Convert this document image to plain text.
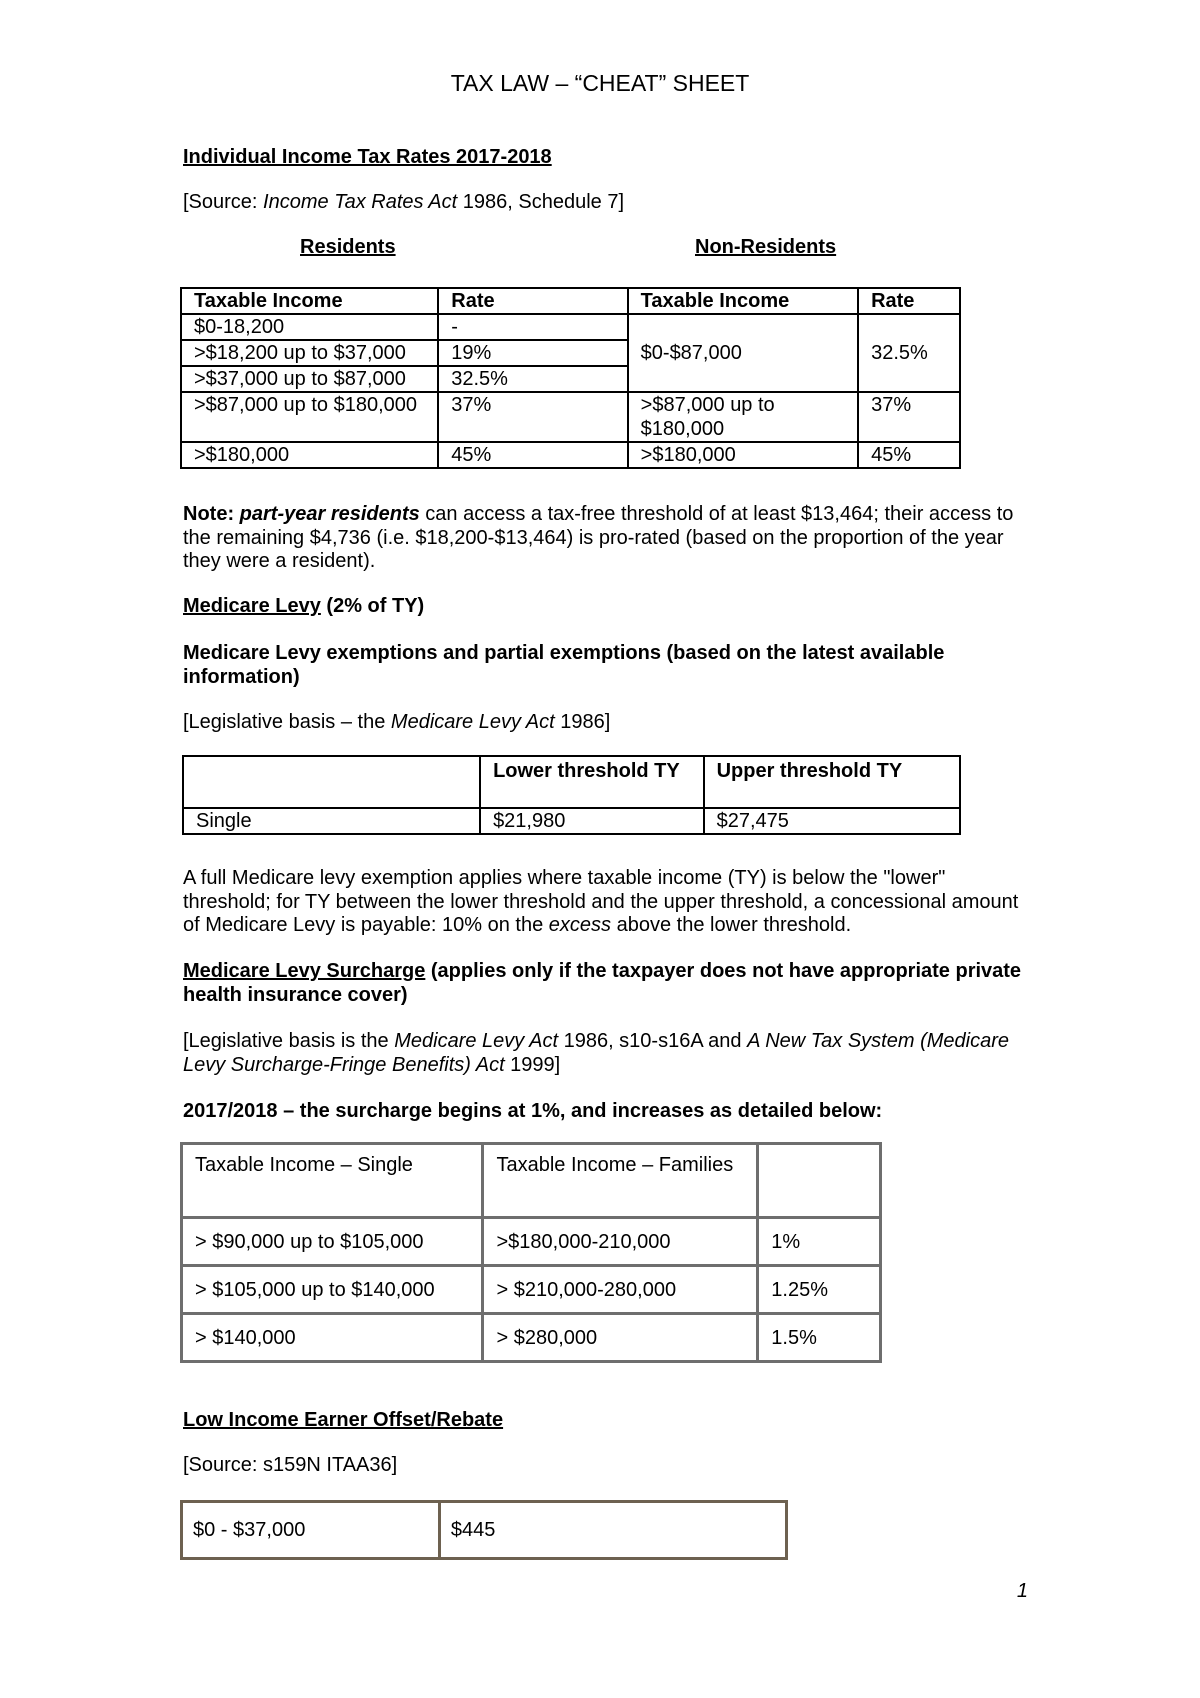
TAX LAW – “CHEAT” SHEET
Individual Income Tax Rates 2017-2018
[Source: Income Tax Rates Act 1986, Schedule 7]
Residents	Non-Residents
Taxable Income	Rate	Taxable Income	Rate
$0-18,200	-	$0-$87,000	32.5%
>$18,200 up to $37,000	19%		
>$37,000 up to $87,000	32.5%		
>$87,000 up to $180,000	37%	>$87,000 up to $180,000	37%
>$180,000	45%	>$180,000	45%
Note: part-year residents can access a tax-free threshold of at least $13,464; their access to the remaining $4,736 (i.e. $18,200-$13,464) is pro-rated (based on the proportion of the year they were a resident).
Medicare Levy (2% of TY)
Medicare Levy exemptions and partial exemptions (based on the latest available information)
[Legislative basis – the Medicare Levy Act 1986]
	Lower threshold TY	Upper threshold TY
Single	$21,980	$27,475
A full Medicare levy exemption applies where taxable income (TY) is below the "lower" threshold; for TY between the lower threshold and the upper threshold, a concessional amount of Medicare Levy is payable: 10% on the excess above the lower threshold.
Medicare Levy Surcharge (applies only if the taxpayer does not have appropriate private health insurance cover)
[Legislative basis is the Medicare Levy Act 1986, s10-s16A and A New Tax System (Medicare Levy Surcharge-Fringe Benefits) Act 1999]
2017/2018 – the surcharge begins at 1%, and increases as detailed below:
Taxable Income – Single	Taxable Income – Families	
> $90,000 up to $105,000	>$180,000-210,000	1%
> $105,000 up to $140,000	> $210,000-280,000	1.25%
> $140,000	> $280,000	1.5%
Low Income Earner Offset/Rebate
[Source: s159N ITAA36]
$0 - $37,000	$445
1
